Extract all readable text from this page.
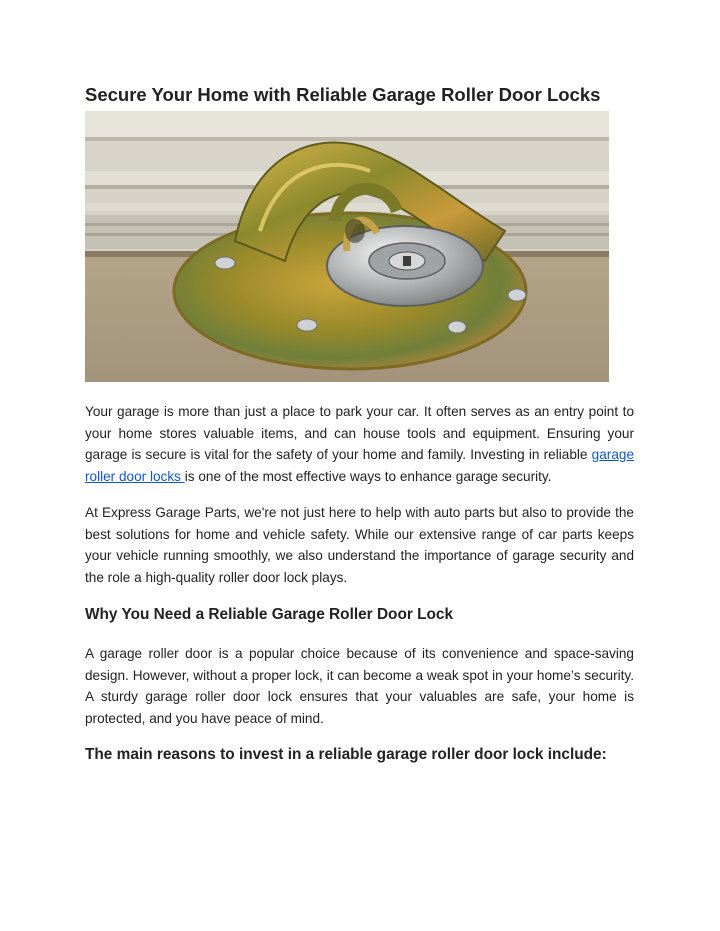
Secure Your Home with Reliable Garage Roller Door Locks

Your garage is more than just a place to park your car. It often serves as an entry point to your home stores valuable items, and can house tools and equipment. Ensuring your garage is secure is vital for the safety of your home and family. Investing in reliable garage roller door locks is one of the most effective ways to enhance garage security.

At Express Garage Parts, we're not just here to help with auto parts but also to provide the best solutions for home and vehicle safety. While our extensive range of car parts keeps your vehicle running smoothly, we also understand the importance of garage security and the role a high-quality roller door lock plays.

Why You Need a Reliable Garage Roller Door Lock

A garage roller door is a popular choice because of its convenience and space-saving design. However, without a proper lock, it can become a weak spot in your home’s security. A sturdy garage roller door lock ensures that your valuables are safe, your home is protected, and you have peace of mind.

The main reasons to invest in a reliable garage roller door lock include:
